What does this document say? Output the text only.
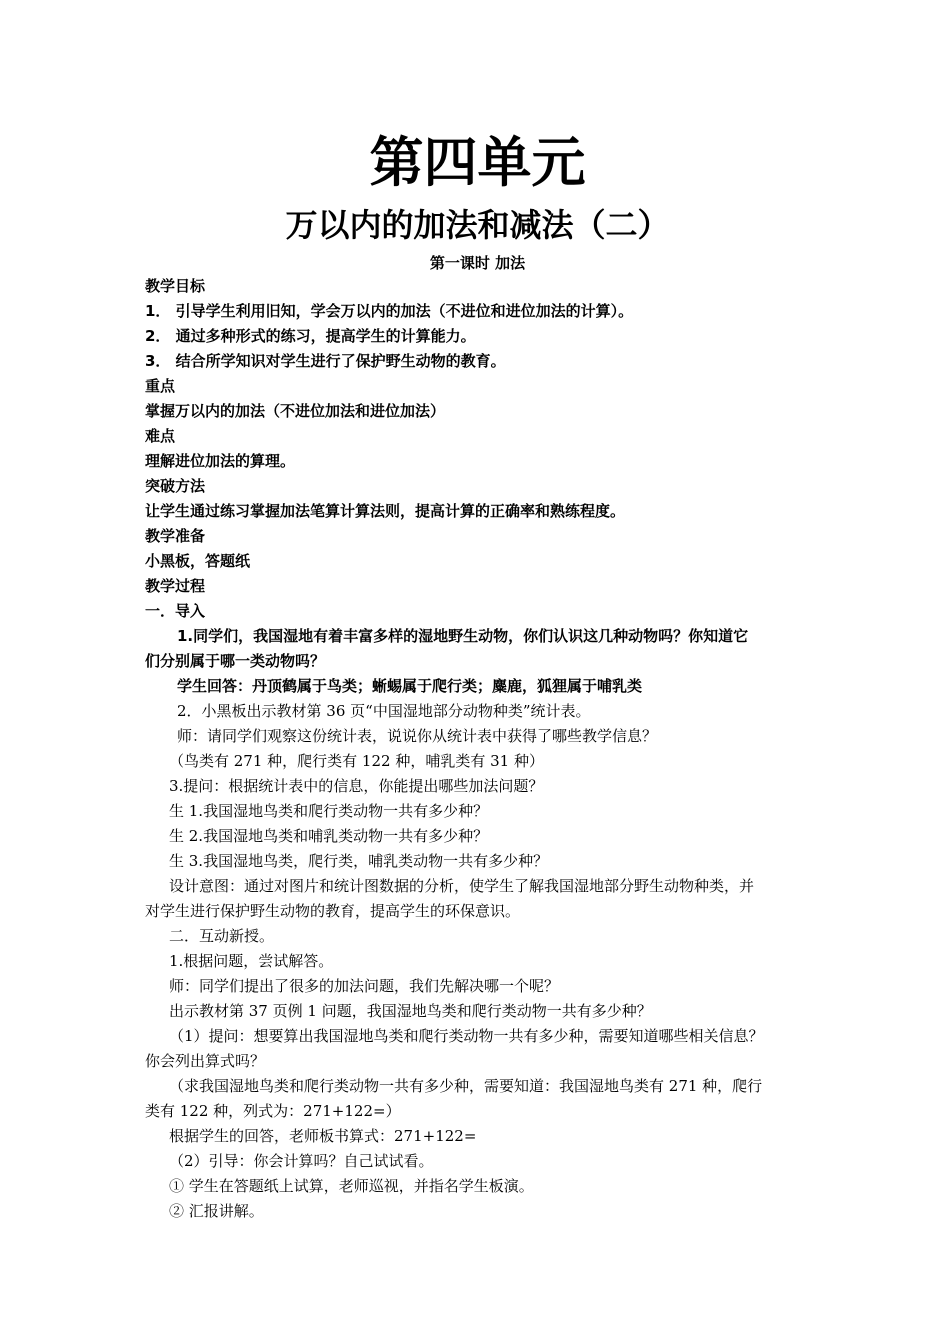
第四单元
万以内的加法和减法（二）
第一课时 加法
教学目标
1． 引导学生利用旧知，学会万以内的加法（不进位和进位加法的计算）。
2． 通过多种形式的练习，提高学生的计算能力。
3． 结合所学知识对学生进行了保护野生动物的教育。
重点
掌握万以内的加法（不进位加法和进位加法）
难点
理解进位加法的算理。
突破方法
让学生通过练习掌握加法笔算计算法则，提高计算的正确率和熟练程度。
教学准备
小黑板，答题纸
教学过程
一．导入
1.同学们，我国湿地有着丰富多样的湿地野生动物，你们认识这几种动物吗？你知道它
们分别属于哪一类动物吗？
学生回答：丹顶鹤属于鸟类；蜥蜴属于爬行类；麋鹿，狐狸属于哺乳类
2．小黑板出示教材第 36 页“中国湿地部分动物种类”统计表。
师：请同学们观察这份统计表，说说你从统计表中获得了哪些教学信息？
（鸟类有 271 种，爬行类有 122 种，哺乳类有 31 种）
3.提问：根据统计表中的信息，你能提出哪些加法问题？
生 1.我国湿地鸟类和爬行类动物一共有多少种？
生 2.我国湿地鸟类和哺乳类动物一共有多少种？
生 3.我国湿地鸟类，爬行类，哺乳类动物一共有多少种？
设计意图：通过对图片和统计图数据的分析，使学生了解我国湿地部分野生动物种类，并
对学生进行保护野生动物的教育，提高学生的环保意识。
二．互动新授。
1.根据问题，尝试解答。
师：同学们提出了很多的加法问题，我们先解决哪一个呢？
出示教材第 37 页例 1 问题，我国湿地鸟类和爬行类动物一共有多少种？
（1）提问：想要算出我国湿地鸟类和爬行类动物一共有多少种，需要知道哪些相关信息？
你会列出算式吗？
（求我国湿地鸟类和爬行类动物一共有多少种，需要知道：我国湿地鸟类有 271 种，爬行
类有 122 种，列式为：271+122=）
根据学生的回答，老师板书算式：271+122=
（2）引导：你会计算吗？自己试试看。
① 学生在答题纸上试算，老师巡视，并指名学生板演。
② 汇报讲解。
